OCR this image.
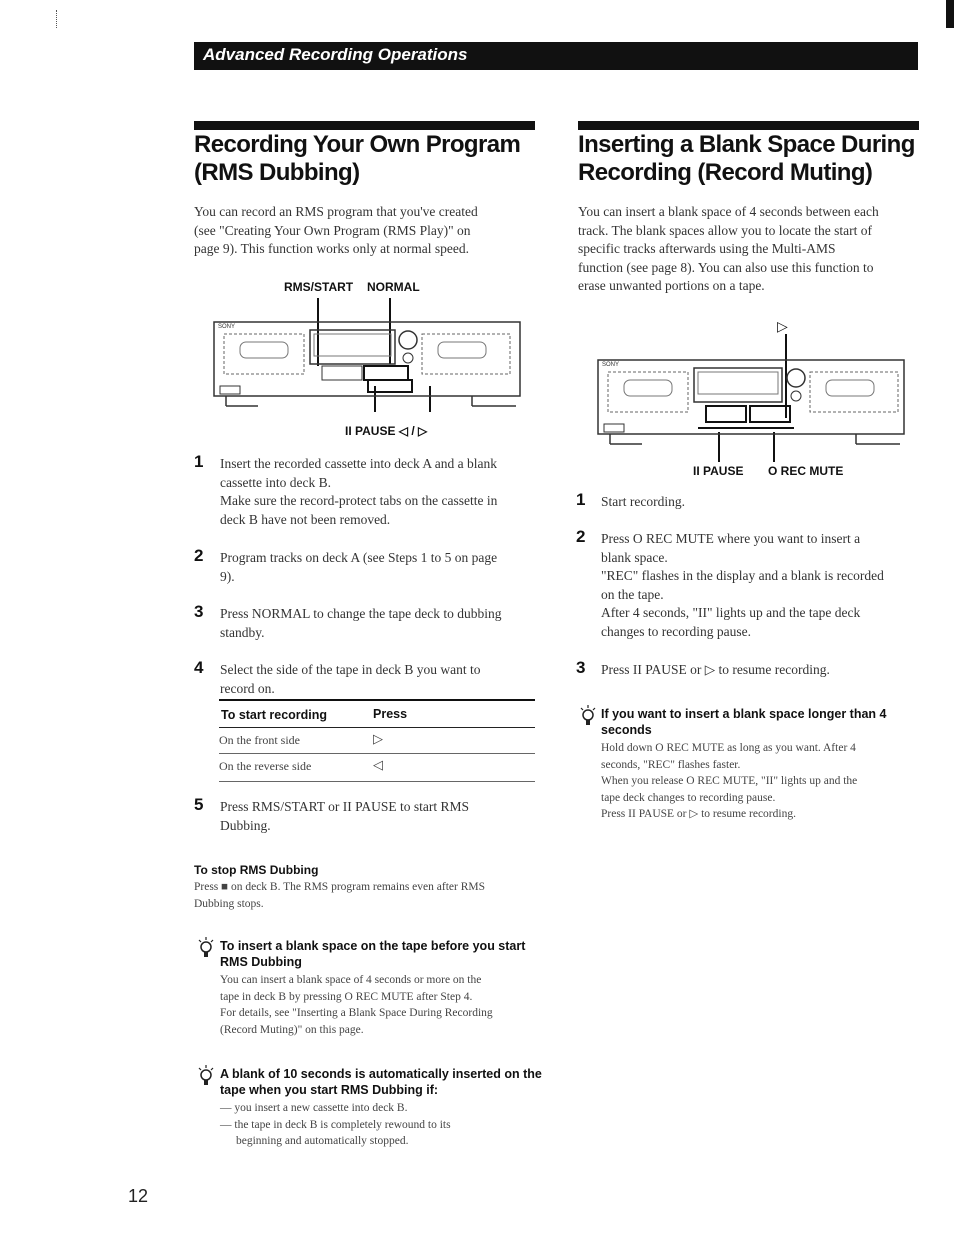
Advanced Recording Operations
Recording Your Own Program
(RMS Dubbing)
You can record an RMS program that you've created
(see "Creating Your Own Program (RMS Play)" on
page 9). This function works only at normal speed.
RMS/START NORMAL
SONY
II PAUSE ◁ / ▷
1 Insert the recorded cassette into deck A and a blank
cassette into deck B.
Make sure the record-protect tabs on the cassette in
deck B have not been removed.
2 Program tracks on deck A (see Steps 1 to 5 on page
9).
3 Press NORMAL to change the tape deck to dubbing
standby.
4 Select the side of the tape in deck B you want to
record on.
To start recording	Press
On the front side	▷
On the reverse side	◁
5 Press RMS/START or II PAUSE to start RMS
Dubbing.
To stop RMS Dubbing
Press ■ on deck B. The RMS program remains even after RMS
Dubbing stops.
To insert a blank space on the tape before you start
RMS Dubbing
You can insert a blank space of 4 seconds or more on the
tape in deck B by pressing O REC MUTE after Step 4.
For details, see "Inserting a Blank Space During Recording
(Record Muting)" on this page.
A blank of 10 seconds is automatically inserted on the
tape when you start RMS Dubbing if:
— you insert a new cassette into deck B.
— the tape in deck B is completely rewound to its
beginning and automatically stopped.
Inserting a Blank Space During
Recording (Record Muting)
You can insert a blank space of 4 seconds between each
track. The blank spaces allow you to locate the start of
specific tracks afterwards using the Multi-AMS
function (see page 8). You can also use this function to
erase unwanted portions on a tape.
▷
SONY
II PAUSE O REC MUTE
1 Start recording.
2 Press O REC MUTE where you want to insert a
blank space.
"REC" flashes in the display and a blank is recorded
on the tape.
After 4 seconds, "II" lights up and the tape deck
changes to recording pause.
3 Press II PAUSE or ▷ to resume recording.
If you want to insert a blank space longer than 4
seconds
Hold down O REC MUTE as long as you want. After 4
seconds, "REC" flashes faster.
When you release O REC MUTE, "II" lights up and the
tape deck changes to recording pause.
Press II PAUSE or ▷ to resume recording.
12
